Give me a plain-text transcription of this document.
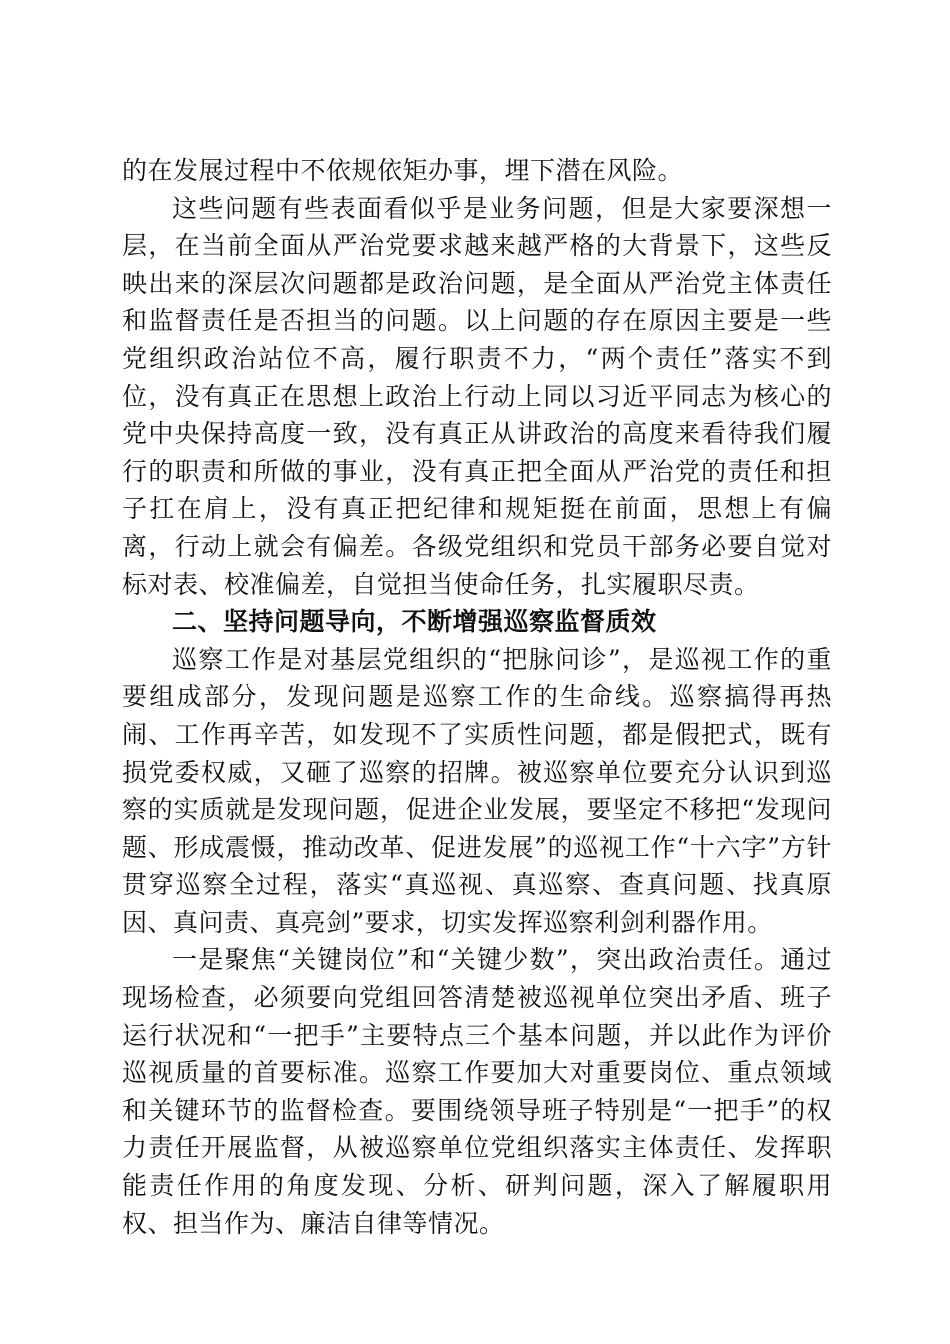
的在发展过程中不依规依矩办事，埋下潜在风险。

这些问题有些表面看似乎是业务问题，但是大家要深想一层，在当前全面从严治党要求越来越严格的大背景下，这些反映出来的深层次问题都是政治问题，是全面从严治党主体责任和监督责任是否担当的问题。以上问题的存在原因主要是一些党组织政治站位不高，履行职责不力，“两个责任”落实不到位，没有真正在思想上政治上行动上同以习近平同志为核心的党中央保持高度一致，没有真正从讲政治的高度来看待我们履行的职责和所做的事业，没有真正把全面从严治党的责任和担子扛在肩上，没有真正把纪律和规矩挺在前面，思想上有偏离，行动上就会有偏差。各级党组织和党员干部务必要自觉对标对表、校准偏差，自觉担当使命任务，扎实履职尽责。

二、坚持问题导向，不断增强巡察监督质效

巡察工作是对基层党组织的“把脉问诊”，是巡视工作的重要组成部分，发现问题是巡察工作的生命线。巡察搞得再热闹、工作再辛苦，如发现不了实质性问题，都是假把式，既有损党委权威，又砸了巡察的招牌。被巡察单位要充分认识到巡察的实质就是发现问题，促进企业发展，要坚定不移把“发现问题、形成震慑，推动改革、促进发展”的巡视工作“十六字”方针贯穿巡察全过程，落实“真巡视、真巡察、查真问题、找真原因、真问责、真亮剑”要求，切实发挥巡察利剑利器作用。

一是聚焦“关键岗位”和“关键少数”，突出政治责任。通过现场检查，必须要向党组回答清楚被巡视单位突出矛盾、班子运行状况和“一把手”主要特点三个基本问题，并以此作为评价巡视质量的首要标准。巡察工作要加大对重要岗位、重点领域和关键环节的监督检查。要围绕领导班子特别是“一把手”的权力责任开展监督，从被巡察单位党组织落实主体责任、发挥职能责任作用的角度发现、分析、研判问题，深入了解履职用权、担当作为、廉洁自律等情况。
